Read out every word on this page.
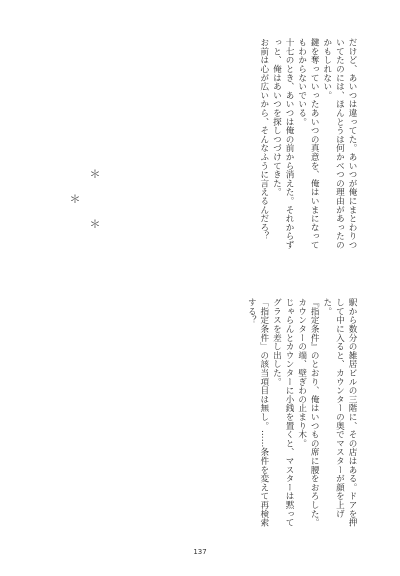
だけど、あいつは違ってた。あいつが俺にまとわりついてたのには、ほんとうは何かべつの理由があったのかもしれない。

鍵を奪っていったあいつの真意を、俺はいまになってもわからないでいる。

十七のとき、あいつは俺の前から消えた。それからずっと、俺はあいつを探しつづけてきた。

お前は心が広いから、そんなふうに言えるんだろ？

＊　＊　＊

駅から数分の雑居ビルの三階に、その店はある。ドアを押して中に入ると、カウンターの奥でマスターが顔を上げた。

『指定条件』のとおり、俺はいつもの席に腰をおろした。カウンターの端、壁ぎわの止まり木。

じゃらんとカウンターに小銭を置くと、マスターは黙ってグラスを差し出した。

「指定条件」の該当項目は無し。……条件を変えて再検索する？

137
